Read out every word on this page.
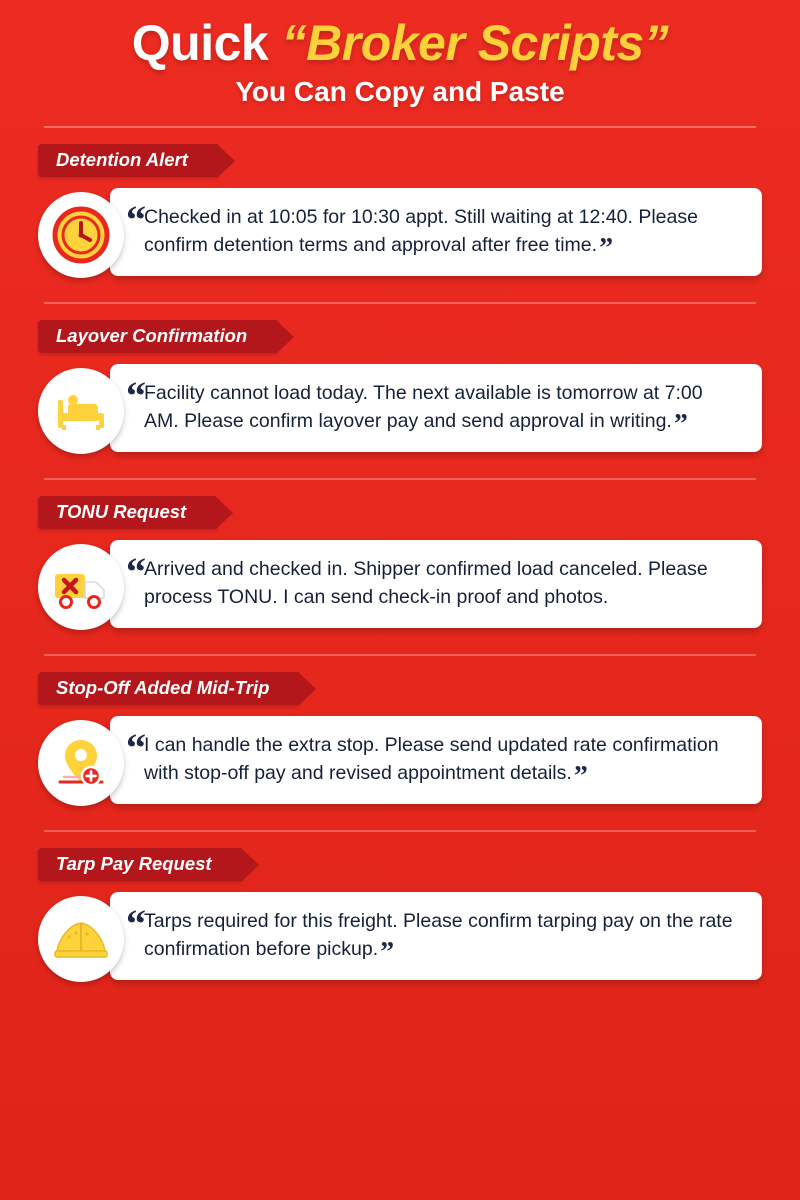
Quick “Broker Scripts”
You Can Copy and Paste
Detention Alert
“
Checked in at 10:05 for 10:30 appt. Still waiting at 12:40. Please confirm detention terms and approval after free time.”
Layover Confirmation
“
Facility cannot load today. The next available is tomorrow at 7:00 AM. Please confirm layover pay and send approval in writing.”
TONU Request
“
Arrived and checked in. Shipper confirmed load canceled. Please process TONU. I can send check-in proof and photos.
Stop-Off Added Mid-Trip
“
I can handle the extra stop. Please send updated rate confirmation with stop-off pay and revised appointment details.”
Tarp Pay Request
“
Tarps required for this freight. Please confirm tarping pay on the rate confirmation before pickup.”
